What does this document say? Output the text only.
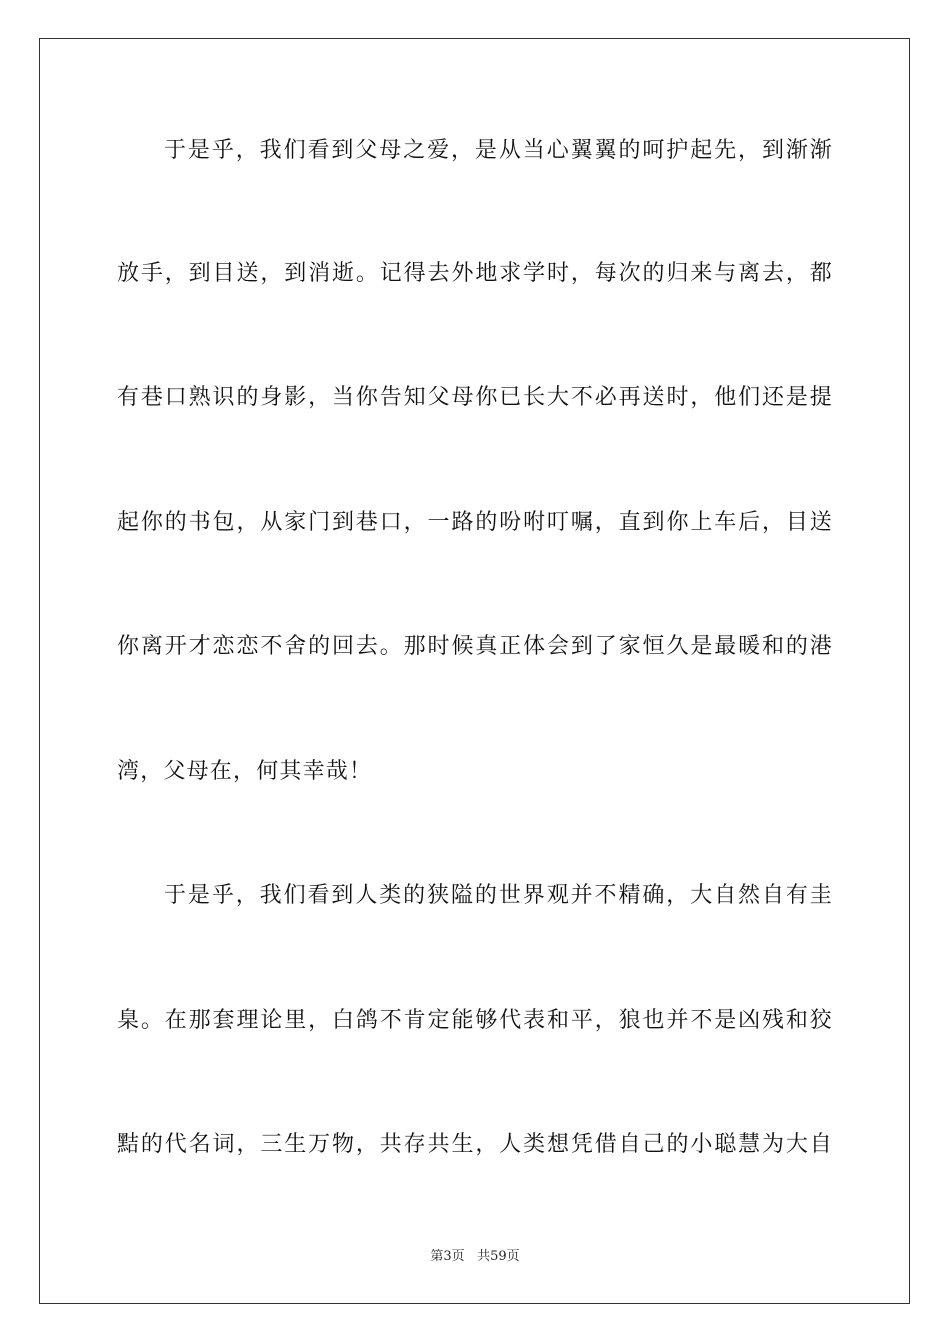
于是乎，我们看到父母之爱，是从当心翼翼的呵护起先，到渐渐
放手，到目送，到消逝。记得去外地求学时，每次的归来与离去，都
有巷口熟识的身影，当你告知父母你已长大不必再送时，他们还是提
起你的书包，从家门到巷口，一路的吩咐叮嘱，直到你上车后，目送
你离开才恋恋不舍的回去。那时候真正体会到了家恒久是最暖和的港
湾，父母在，何其幸哉！
于是乎，我们看到人类的狭隘的世界观并不精确，大自然自有圭
臬。在那套理论里，白鸽不肯定能够代表和平，狼也并不是凶残和狡
黠的代名词，三生万物，共存共生，人类想凭借自己的小聪慧为大自
第3页 共59页
